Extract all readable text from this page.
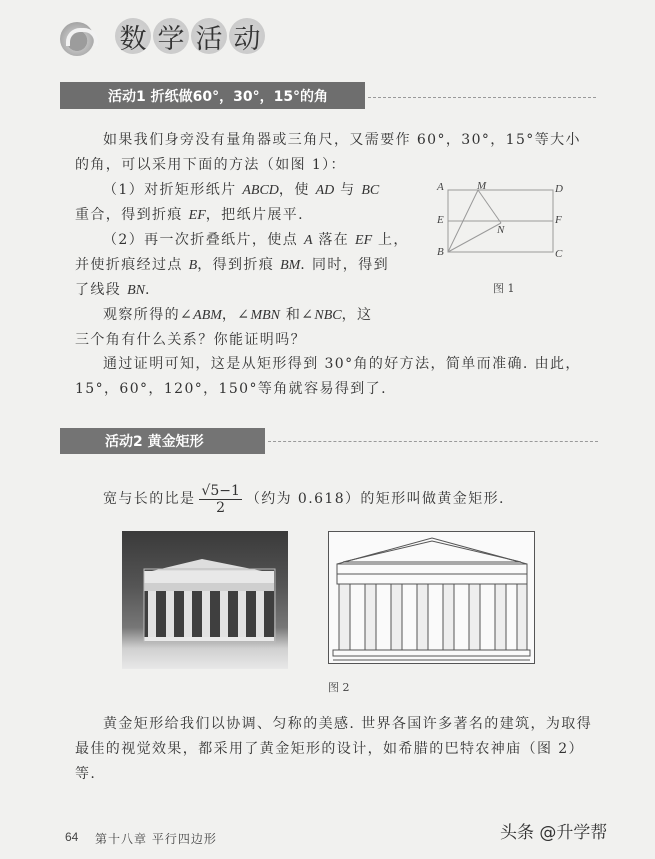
数 学 活 动
活动1 折纸做60°，30°，15°的角
如果我们身旁没有量角器或三角尺，又需要作 60°，30°，15°等大小的角，可以采用下面的方法（如图 1）：
（1）对折矩形纸片 ABCD，使 AD 与 BC
重合，得到折痕 EF，把纸片展平.
（2）再一次折叠纸片，使点 A 落在 EF 上，
并使折痕经过点 B，得到折痕 BM. 同时，得到
了线段 BN.
观察所得的∠ABM，∠MBN 和∠NBC，这
三个角有什么关系？你能证明吗？
通过证明可知，这是从矩形得到 30°角的好方法，简单而准确. 由此，15°，60°，120°，150°等角就容易得到了.
A	M	D
E
N
F
B	C
图 1
活动2 黄金矩形
宽与长的比是 √5−1
2
（约为 0.618）的矩形叫做黄金矩形.
图 2
黄金矩形给我们以协调、匀称的美感. 世界各国许多著名的建筑，为取得最佳的视觉效果，都采用了黄金矩形的设计，如希腊的巴特农神庙（图 2）等.
64 第十八章 平行四边形	头条 @升学帮
